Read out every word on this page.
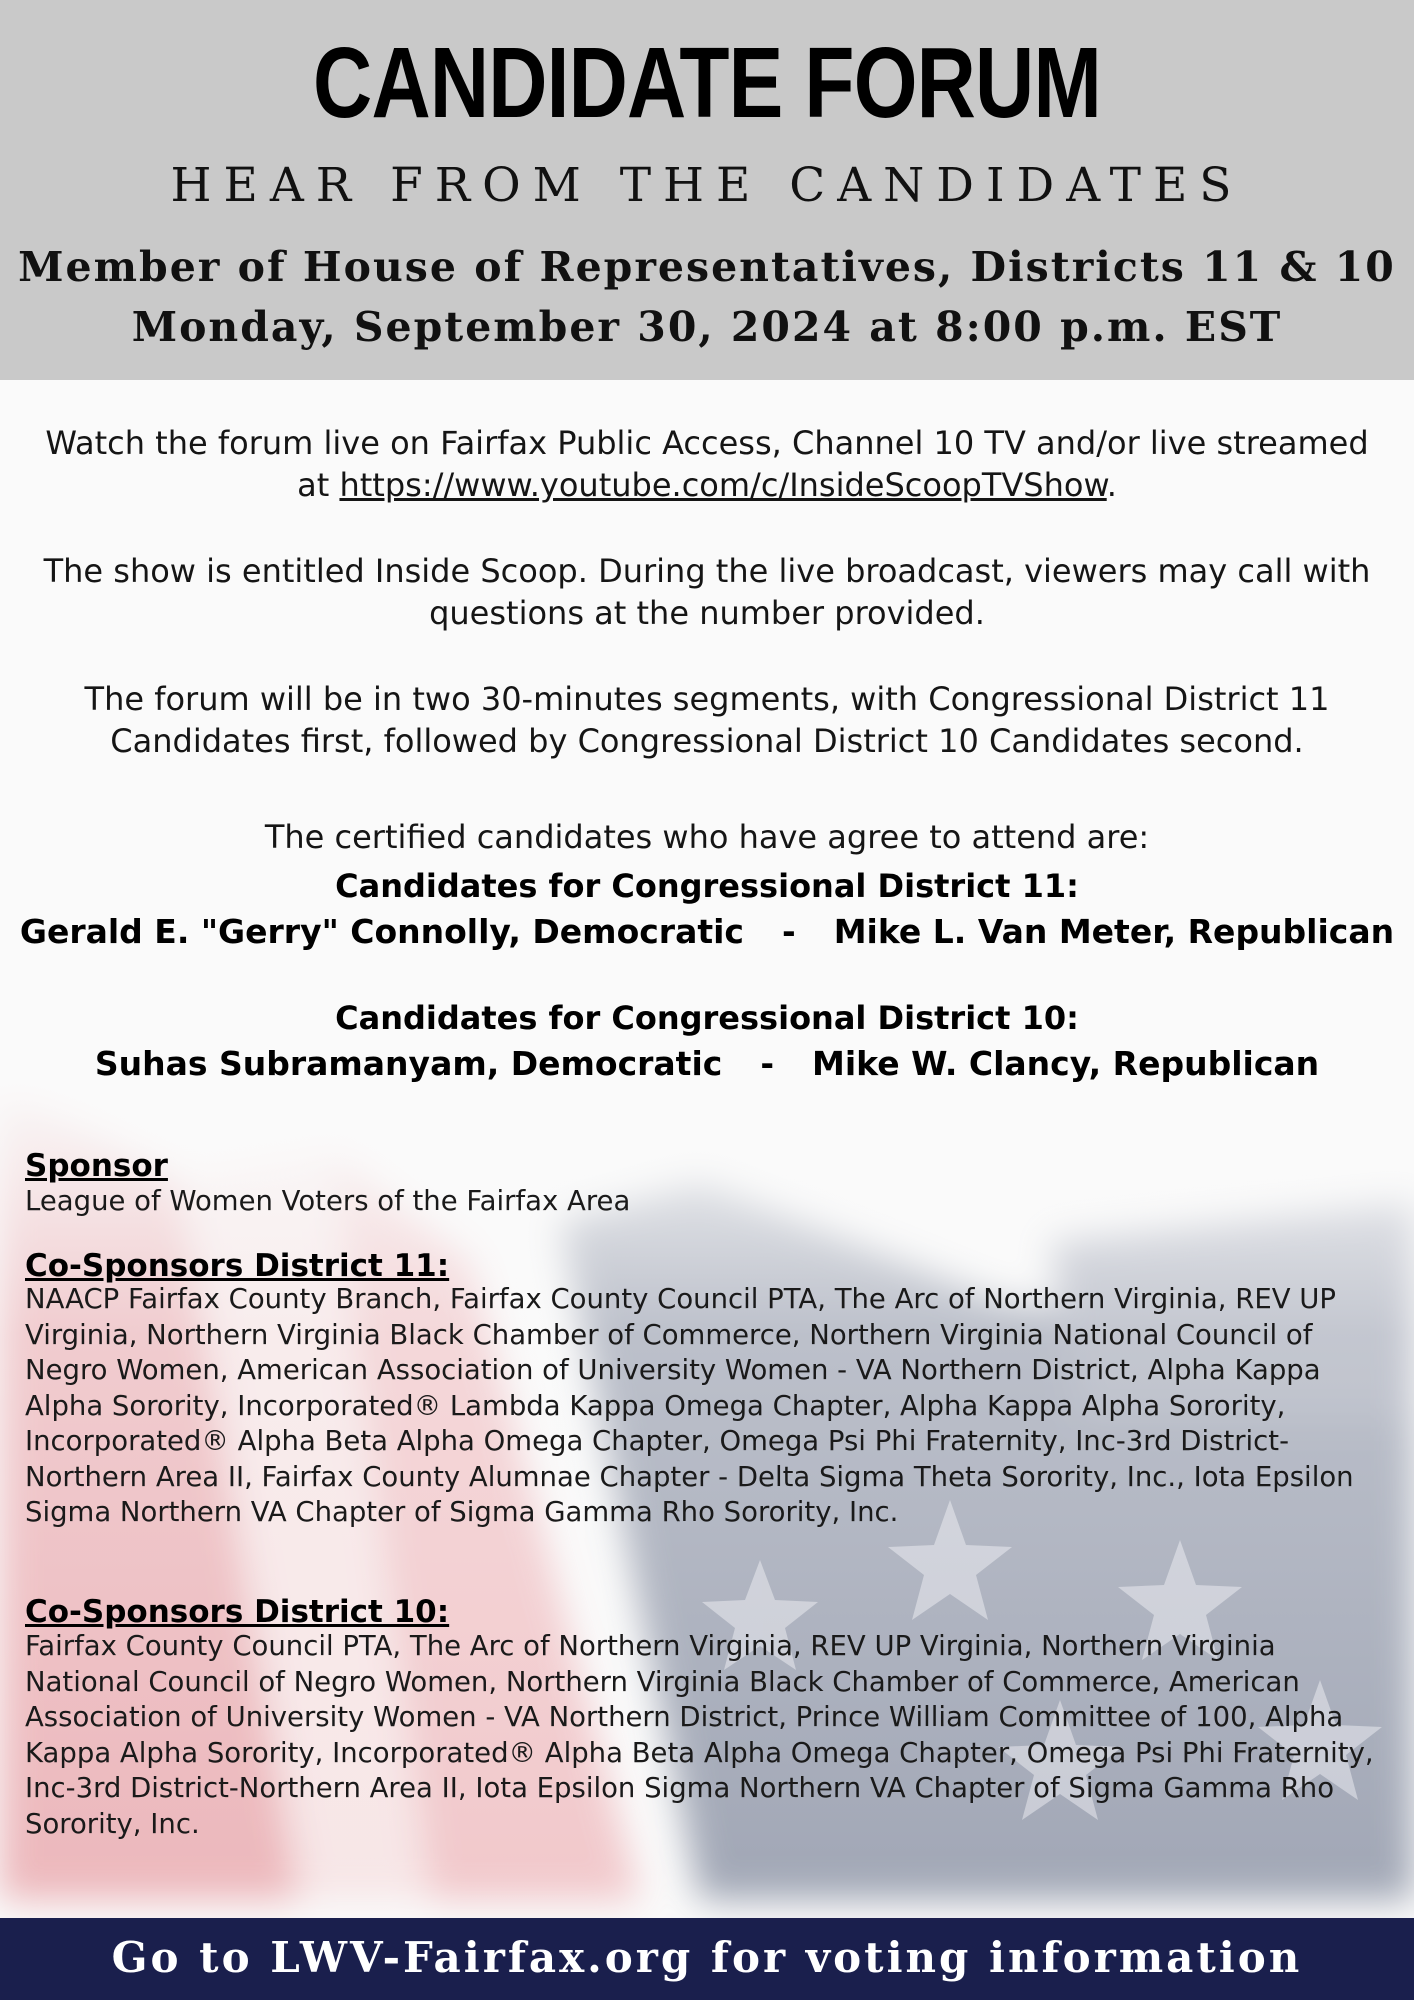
CANDIDATE FORUM
HEAR FROM THE CANDIDATES
Member of House of Representatives, Districts 11 & 10
Monday, September 30, 2024 at 8:00 p.m. EST
Watch the forum live on Fairfax Public Access, Channel 10 TV and/or live streamed at https://www.youtube.com/c/InsideScoopTVShow.
The show is entitled Inside Scoop. During the live broadcast, viewers may call with questions at the number provided.
The forum will be in two 30-minutes segments, with Congressional District 11 Candidates first, followed by Congressional District 10 Candidates second.
The certified candidates who have agree to attend are:
Candidates for Congressional District 11:
Gerald E. "Gerry" Connolly, Democratic - Mike L. Van Meter, Republican
Candidates for Congressional District 10:
Suhas Subramanyam, Democratic - Mike W. Clancy, Republican
Sponsor
League of Women Voters of the Fairfax Area
Co-Sponsors District 11:
NAACP Fairfax County Branch, Fairfax County Council PTA, The Arc of Northern Virginia, REV UP Virginia, Northern Virginia Black Chamber of Commerce, Northern Virginia National Council of Negro Women, American Association of University Women - VA Northern District, Alpha Kappa Alpha Sorority, Incorporated® Lambda Kappa Omega Chapter, Alpha Kappa Alpha Sorority, Incorporated® Alpha Beta Alpha Omega Chapter, Omega Psi Phi Fraternity, Inc-3rd District-Northern Area II, Fairfax County Alumnae Chapter - Delta Sigma Theta Sorority, Inc., Iota Epsilon Sigma Northern VA Chapter of Sigma Gamma Rho Sorority, Inc.
Co-Sponsors District 10:
Fairfax County Council PTA, The Arc of Northern Virginia, REV UP Virginia, Northern Virginia National Council of Negro Women, Northern Virginia Black Chamber of Commerce, American Association of University Women - VA Northern District, Prince William Committee of 100, Alpha Kappa Alpha Sorority, Incorporated® Alpha Beta Alpha Omega Chapter, Omega Psi Phi Fraternity, Inc-3rd District-Northern Area II, Iota Epsilon Sigma Northern VA Chapter of Sigma Gamma Rho Sorority, Inc.
Go to LWV-Fairfax.org for voting information
